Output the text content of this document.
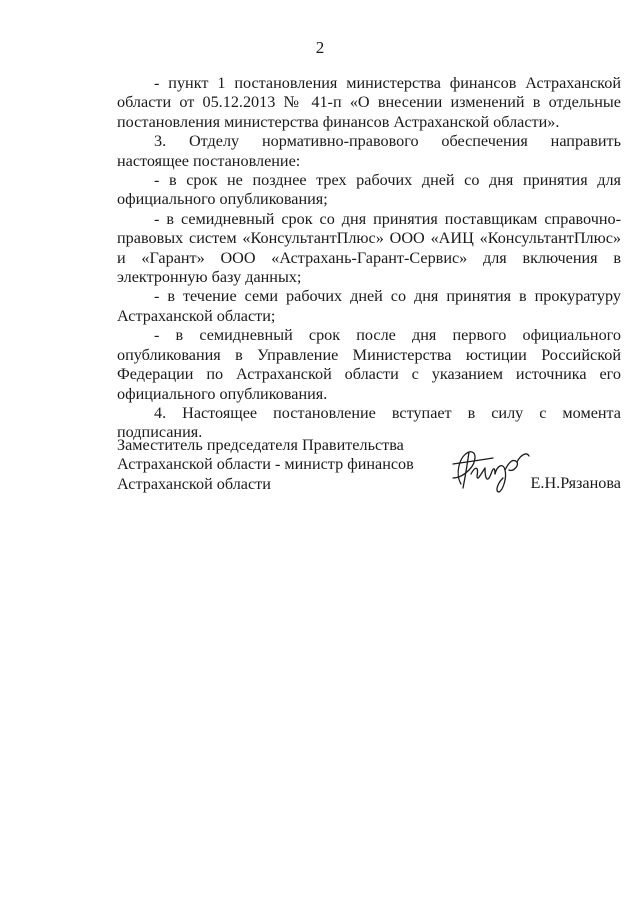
2

- пункт 1 постановления министерства финансов Астраханской области от 05.12.2013 № 41-п «О внесении изменений в отдельные постановления министерства финансов Астраханской области».

3. Отделу нормативно-правового обеспечения направить настоящее постановление:

- в срок не позднее трех рабочих дней со дня принятия для официального опубликования;

- в семидневный срок со дня принятия поставщикам справочно-правовых систем «КонсультантПлюс» ООО «АИЦ «КонсультантПлюс» и «Гарант» ООО «Астрахань-Гарант-Сервис» для включения в электронную базу данных;

- в течение семи рабочих дней со дня принятия в прокуратуру Астраханской области;

- в семидневный срок после дня первого официального опубликования в Управление Министерства юстиции Российской Федерации по Астраханской области с указанием источника его официального опубликования.

4. Настоящее постановление вступает в силу с момента подписания.

Заместитель председателя Правительства
Астраханской области - министр финансов
Астраханской области	Е.Н.Рязанова
